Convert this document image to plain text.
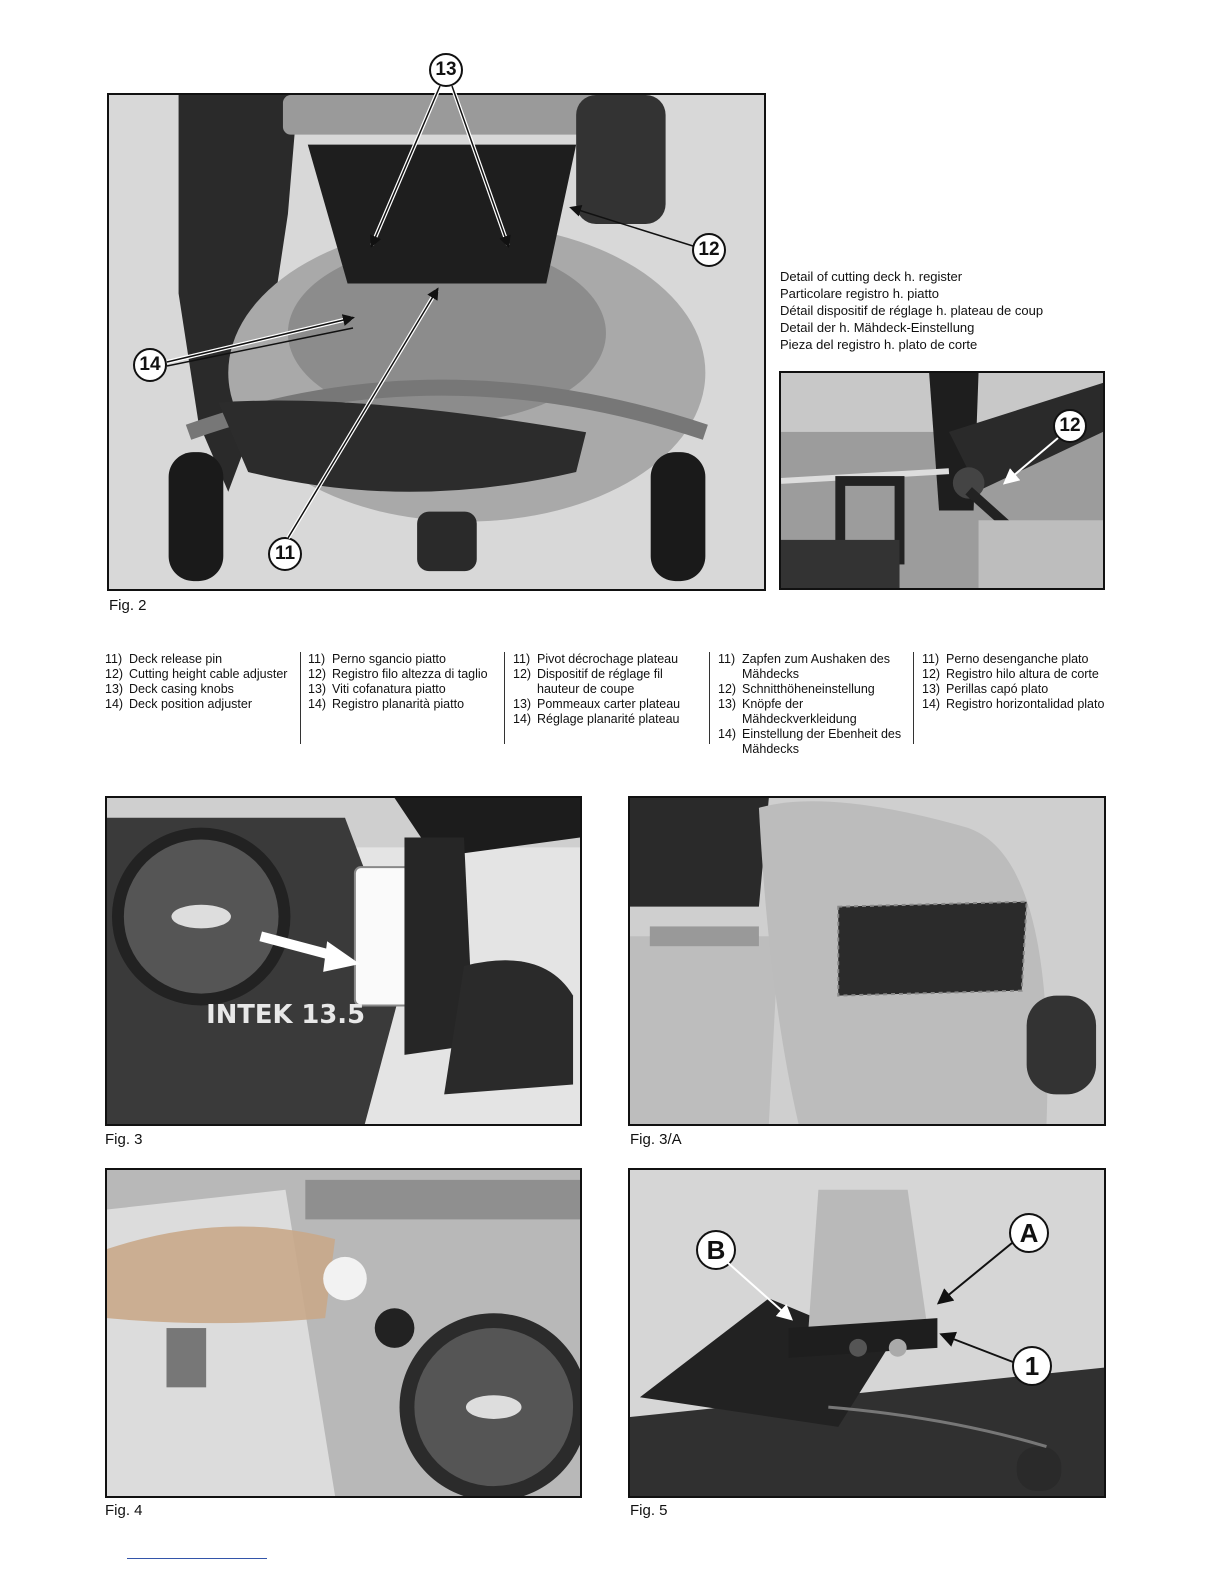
Fig. 2
13
12
14
11
Detail of cutting deck h. register
Particolare registro h. piatto
Détail dispositif de réglage h. plateau de coup
Detail der h. Mähdeck-Einstellung
Pieza del registro h. plato de corte
12
11) Deck release pin
12) Cutting height cable adjuster
13) Deck casing knobs
14) Deck position adjuster
11) Perno sgancio piatto
12) Registro filo altezza di taglio
13) Viti cofanatura piatto
14) Registro planarità piatto
11) Pivot décrochage plateau
12) Dispositif de réglage fil hauteur de coupe
13) Pommeaux carter plateau
14) Réglage planarité plateau
11) Zapfen zum Aushaken des Mähdecks
12) Schnitthöheneinstellung
13) Knöpfe der Mähdeckverkleidung
14) Einstellung der Ebenheit des Mähdecks
11) Perno desenganche plato
12) Registro hilo altura de corte
13) Perillas capó plato
14) Registro horizontalidad plato
INTEK 13.5
Fig. 3	Fig. 3/A
Fig. 4	Fig. 5
A
B
1
